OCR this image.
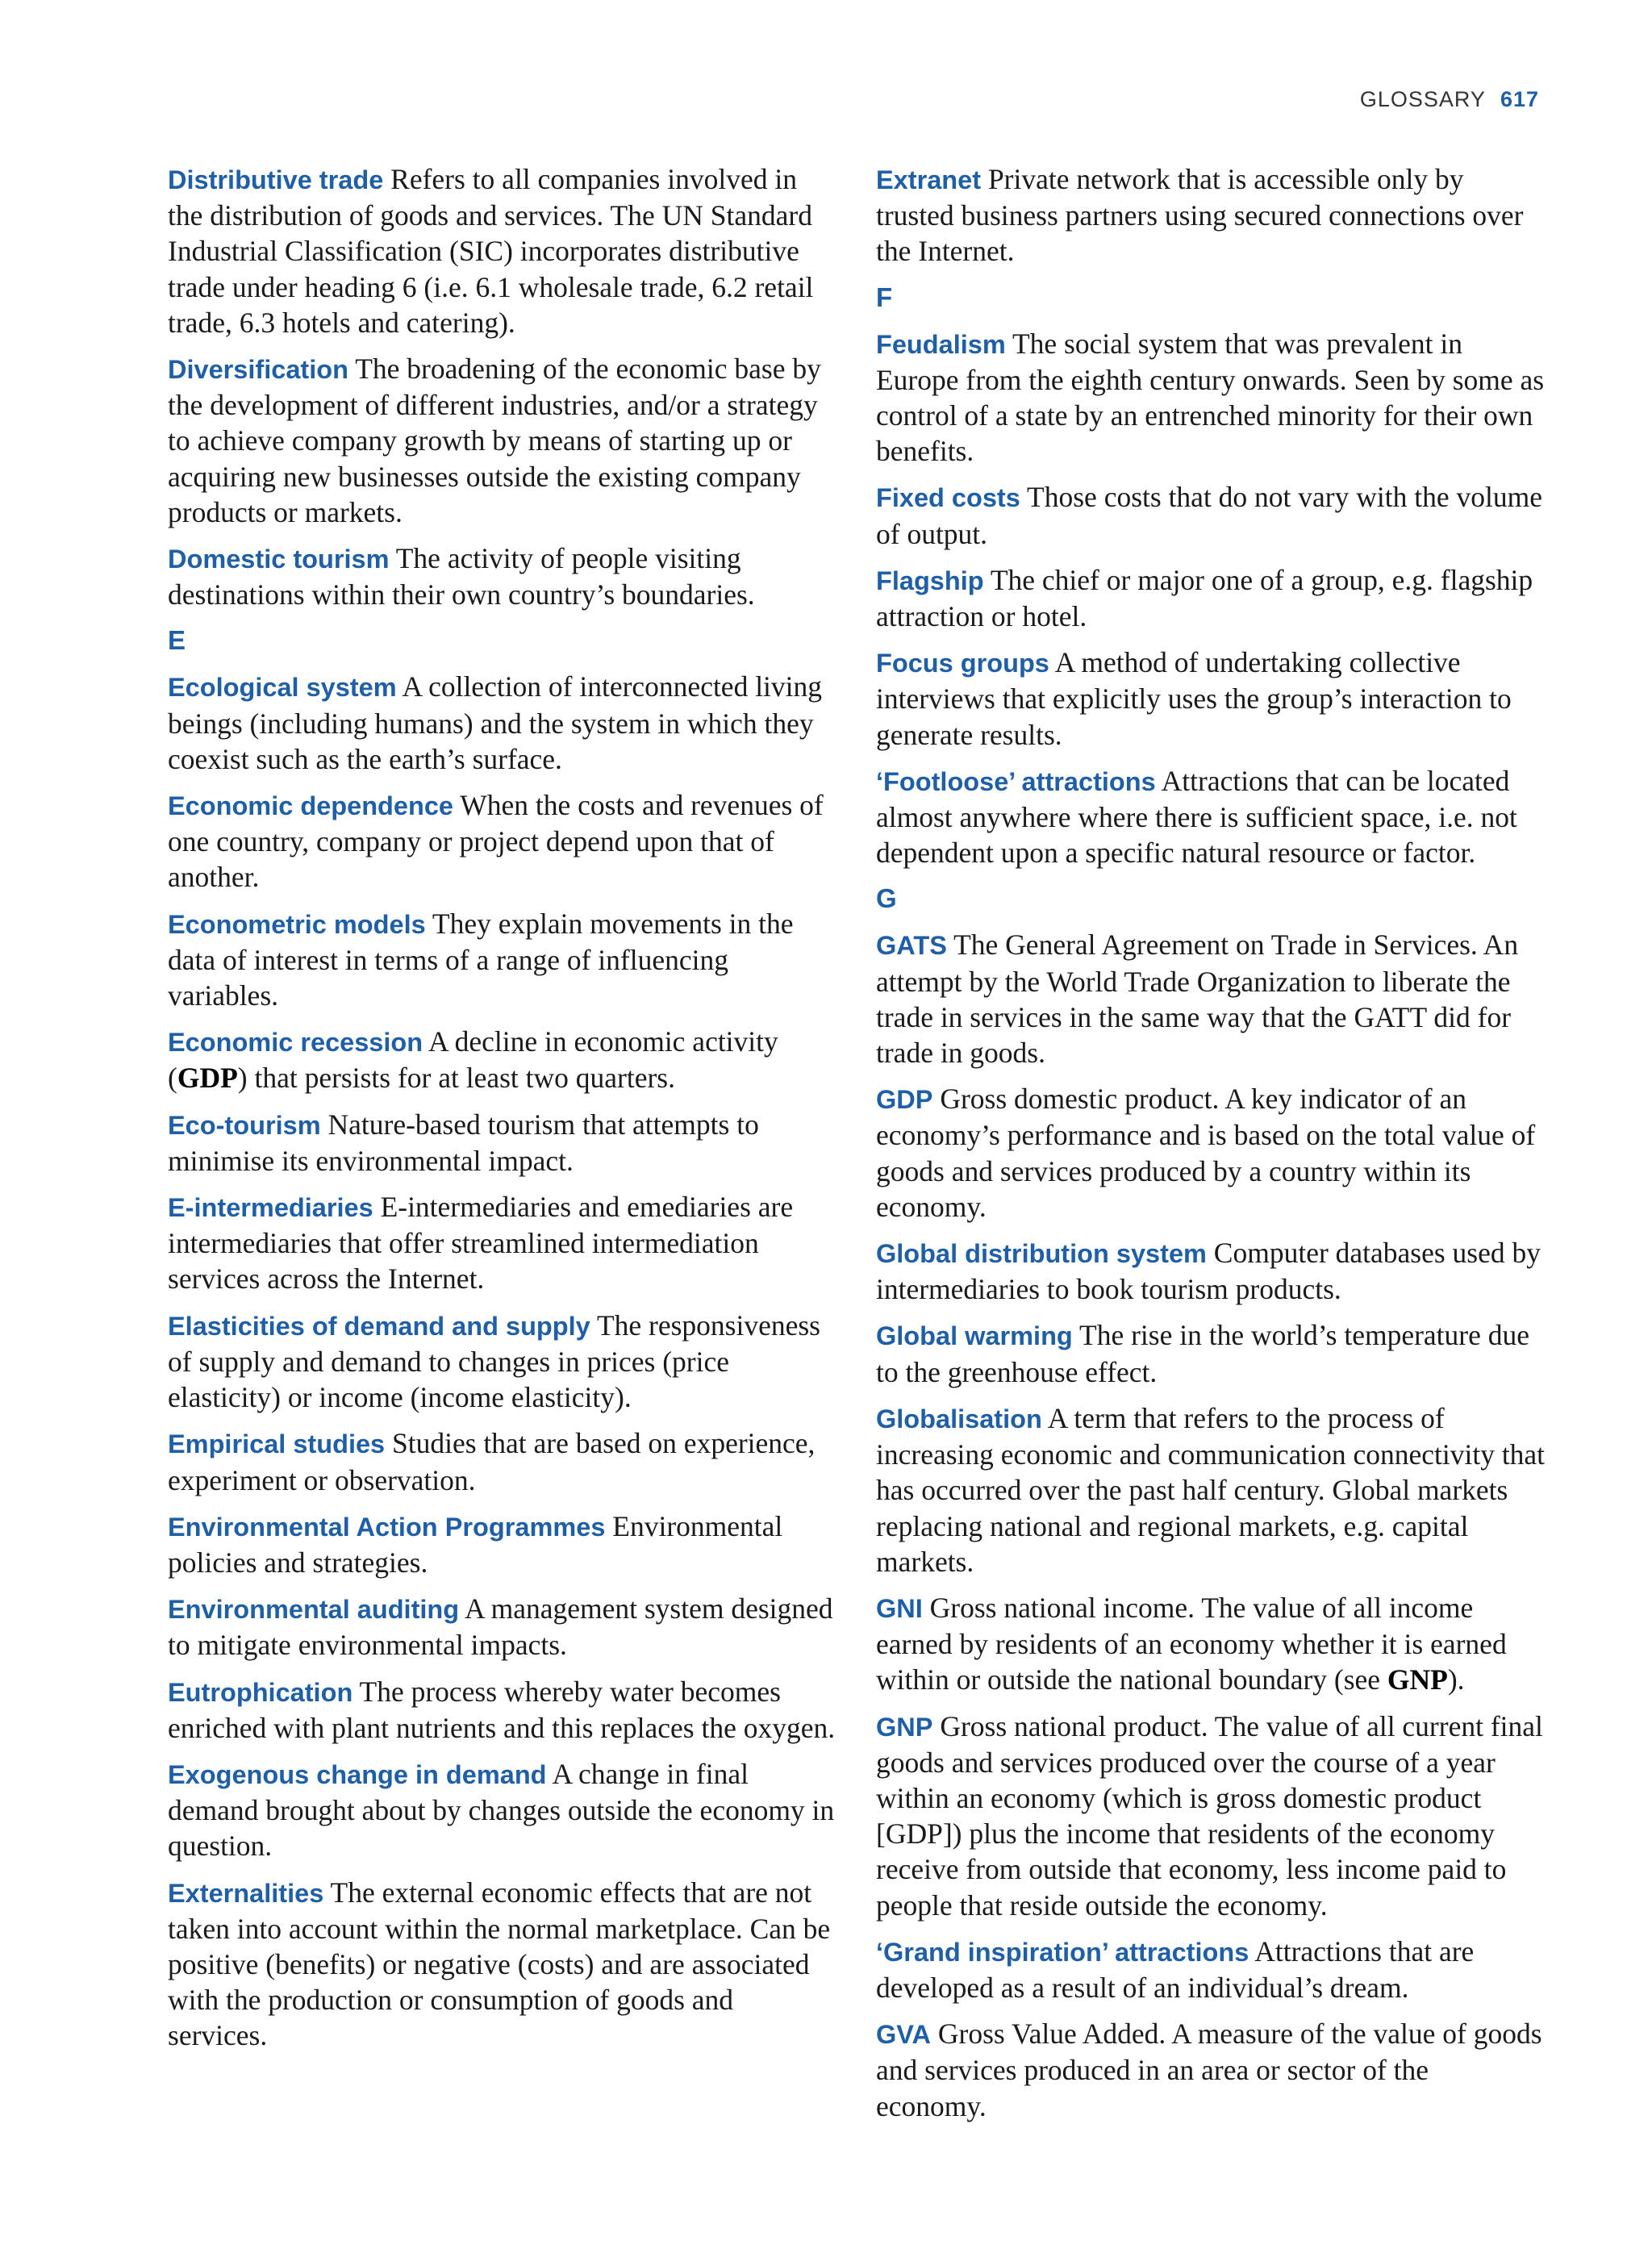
GLOSSARY 617

Distributive trade Refers to all companies involved in the distribution of goods and services. The UN Standard Industrial Classification (SIC) incorporates distributive trade under heading 6 (i.e. 6.1 wholesale trade, 6.2 retail trade, 6.3 hotels and catering).

Diversification The broadening of the economic base by the development of different industries, and/or a strategy to achieve company growth by means of starting up or acquiring new businesses outside the existing company products or markets.

Domestic tourism The activity of people visiting destinations within their own country’s boundaries.

E

Ecological system A collection of interconnected living beings (including humans) and the system in which they coexist such as the earth’s surface.

Economic dependence When the costs and revenues of one country, company or project depend upon that of another.

Econometric models They explain movements in the data of interest in terms of a range of influencing variables.

Economic recession A decline in economic activity (GDP) that persists for at least two quarters.

Eco-tourism Nature-based tourism that attempts to minimise its environmental impact.

E-intermediaries E-intermediaries and emediaries are intermediaries that offer streamlined intermediation services across the Internet.

Elasticities of demand and supply The responsiveness of supply and demand to changes in prices (price elasticity) or income (income elasticity).

Empirical studies Studies that are based on experience, experiment or observation.

Environmental Action Programmes Environmental policies and strategies.

Environmental auditing A management system designed to mitigate environmental impacts.

Eutrophication The process whereby water becomes enriched with plant nutrients and this replaces the oxygen.

Exogenous change in demand A change in final demand brought about by changes outside the economy in question.

Externalities The external economic effects that are not taken into account within the normal marketplace. Can be positive (benefits) or negative (costs) and are associated with the production or consumption of goods and services.

Extranet Private network that is accessible only by trusted business partners using secured connections over the Internet.

F

Feudalism The social system that was prevalent in Europe from the eighth century onwards. Seen by some as control of a state by an entrenched minority for their own benefits.

Fixed costs Those costs that do not vary with the volume of output.

Flagship The chief or major one of a group, e.g. flagship attraction or hotel.

Focus groups A method of undertaking collective interviews that explicitly uses the group’s interaction to generate results.

‘Footloose’ attractions Attractions that can be located almost anywhere where there is sufficient space, i.e. not dependent upon a specific natural resource or factor.

G

GATS The General Agreement on Trade in Services. An attempt by the World Trade Organization to liberate the trade in services in the same way that the GATT did for trade in goods.

GDP Gross domestic product. A key indicator of an economy’s performance and is based on the total value of goods and services produced by a country within its economy.

Global distribution system Computer databases used by intermediaries to book tourism products.

Global warming The rise in the world’s temperature due to the greenhouse effect.

Globalisation A term that refers to the process of increasing economic and communication connectivity that has occurred over the past half century. Global markets replacing national and regional markets, e.g. capital markets.

GNI Gross national income. The value of all income earned by residents of an economy whether it is earned within or outside the national boundary (see GNP).

GNP Gross national product. The value of all current final goods and services produced over the course of a year within an economy (which is gross domestic product [GDP]) plus the income that residents of the economy receive from outside that economy, less income paid to people that reside outside the economy.

‘Grand inspiration’ attractions Attractions that are developed as a result of an individual’s dream.

GVA Gross Value Added. A measure of the value of goods and services produced in an area or sector of the economy.
